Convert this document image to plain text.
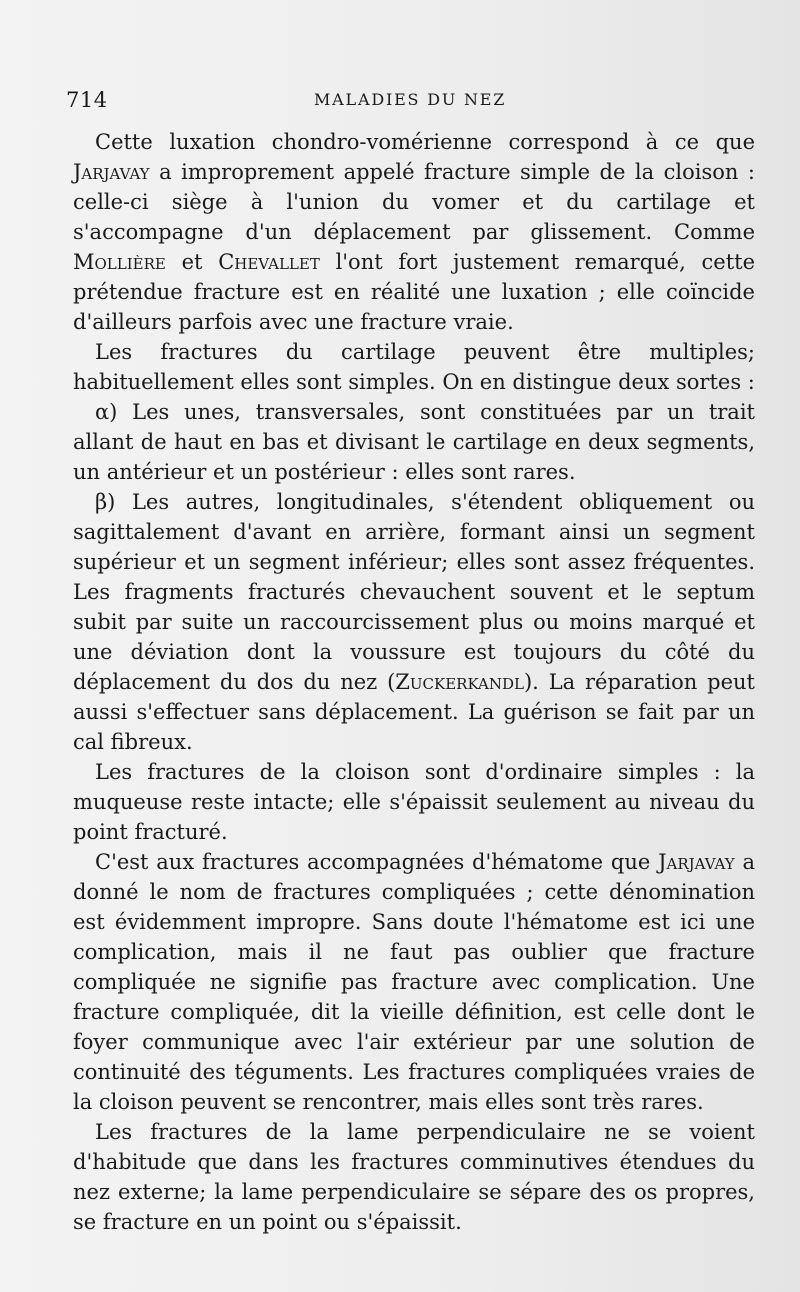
714	MALADIES DU NEZ

Cette luxation chondro-vomérienne correspond à ce que Jarjavay a improprement appelé fracture simple de la cloison : celle-ci siège à l'union du vomer et du cartilage et s'accompagne d'un déplacement par glissement. Comme Mollière et Chevallet l'ont fort justement remarqué, cette prétendue fracture est en réalité une luxation ; elle coïncide d'ailleurs parfois avec une fracture vraie.

Les fractures du cartilage peuvent être multiples; habituellement elles sont simples. On en distingue deux sortes :

α) Les unes, transversales, sont constituées par un trait allant de haut en bas et divisant le cartilage en deux segments, un antérieur et un postérieur : elles sont rares.

β) Les autres, longitudinales, s'étendent obliquement ou sagittalement d'avant en arrière, formant ainsi un segment supérieur et un segment inférieur; elles sont assez fréquentes. Les fragments fracturés chevauchent souvent et le septum subit par suite un raccourcissement plus ou moins marqué et une déviation dont la voussure est toujours du côté du déplacement du dos du nez (Zuckerkandl). La réparation peut aussi s'effectuer sans déplacement. La guérison se fait par un cal fibreux.

Les fractures de la cloison sont d'ordinaire simples : la muqueuse reste intacte; elle s'épaissit seulement au niveau du point fracturé.

C'est aux fractures accompagnées d'hématome que Jarjavay a donné le nom de fractures compliquées ; cette dénomination est évidemment impropre. Sans doute l'hématome est ici une complication, mais il ne faut pas oublier que fracture compliquée ne signifie pas fracture avec complication. Une fracture compliquée, dit la vieille définition, est celle dont le foyer communique avec l'air extérieur par une solution de continuité des téguments. Les fractures compliquées vraies de la cloison peuvent se rencontrer, mais elles sont très rares.

Les fractures de la lame perpendiculaire ne se voient d'habitude que dans les fractures comminutives étendues du nez externe; la lame perpendiculaire se sépare des os propres, se fracture en un point ou s'épaissit.
